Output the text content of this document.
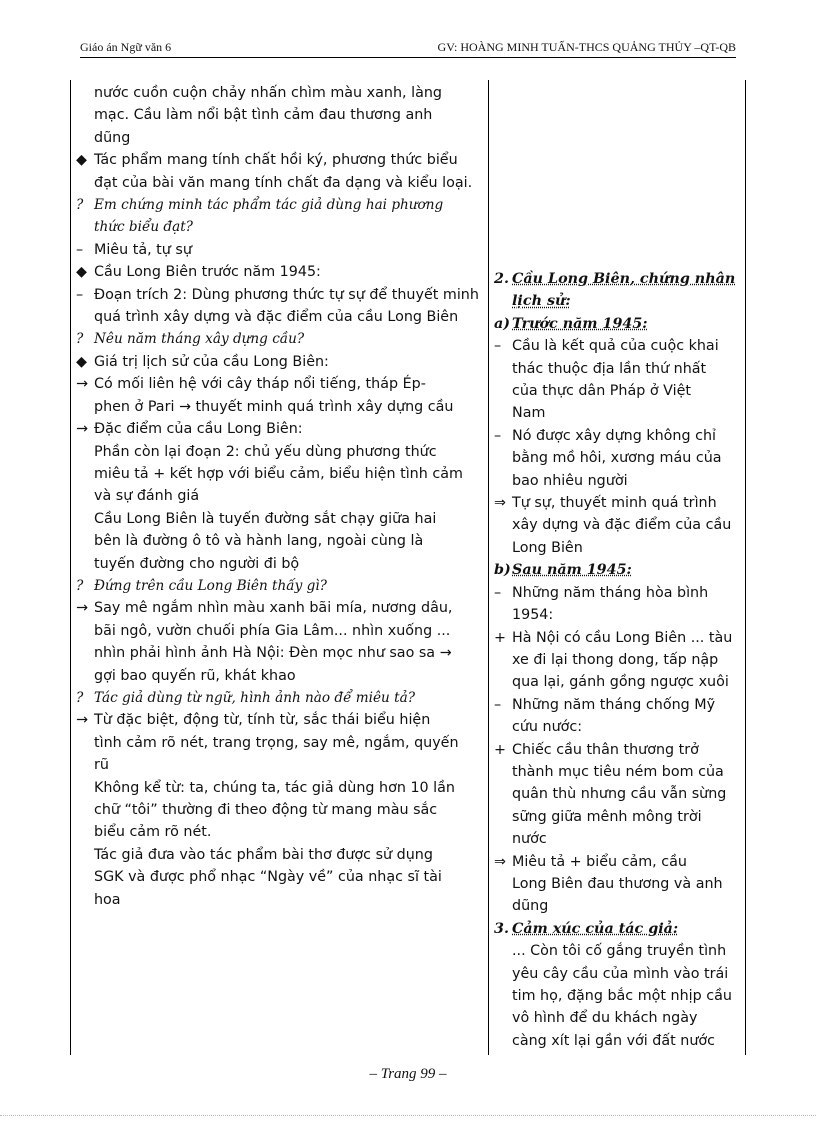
Giáo án Ngữ văn 6	GV: HOÀNG MINH TUẤN-THCS QUẢNG THỦY –QT-QB
nước cuồn cuộn chảy nhấn chìm màu xanh, làng
mạc. Cầu làm nổi bật tình cảm đau thương anh
dũng
◆ Tác phẩm mang tính chất hồi ký, phương thức biểu
đạt của bài văn mang tính chất đa dạng và kiểu loại.
? Em chứng minh tác phẩm tác giả dùng hai phương
thức biểu đạt?
– Miêu tả, tự sự
◆ Cầu Long Biên trước năm 1945:
– Đoạn trích 2: Dùng phương thức tự sự để thuyết minh
quá trình xây dựng và đặc điểm của cầu Long Biên
? Nêu năm tháng xây dựng cầu?
◆ Giá trị lịch sử của cầu Long Biên:
→ Có mối liên hệ với cây tháp nổi tiếng, tháp Ép-
phen ở Pari → thuyết minh quá trình xây dựng cầu
→ Đặc điểm của cầu Long Biên:
Phần còn lại đoạn 2: chủ yếu dùng phương thức
miêu tả + kết hợp với biểu cảm, biểu hiện tình cảm
và sự đánh giá
Cầu Long Biên là tuyến đường sắt chạy giữa hai
bên là đường ô tô và hành lang, ngoài cùng là
tuyến đường cho người đi bộ
? Đứng trên cầu Long Biên thấy gì?
→ Say mê ngắm nhìn màu xanh bãi mía, nương dâu,
bãi ngô, vườn chuối phía Gia Lâm... nhìn xuống ...
nhìn phải hình ảnh Hà Nội: Đèn mọc như sao sa →
gợi bao quyến rũ, khát khao
? Tác giả dùng từ ngữ, hình ảnh nào để miêu tả?
→ Từ đặc biệt, động từ, tính từ, sắc thái biểu hiện
tình cảm rõ nét, trang trọng, say mê, ngắm, quyến
rũ
Không kể từ: ta, chúng ta, tác giả dùng hơn 10 lần
chữ “tôi” thường đi theo động từ mang màu sắc
biểu cảm rõ nét.
Tác giả đưa vào tác phẩm bài thơ được sử dụng
SGK và được phổ nhạc “Ngày về” của nhạc sĩ tài
hoa
2. Cầu Long Biên, chứng nhân
lịch sử:
a) Trước năm 1945:
– Cầu là kết quả của cuộc khai
thác thuộc địa lần thứ nhất
của thực dân Pháp ở Việt
Nam
– Nó được xây dựng không chỉ
bằng mồ hôi, xương máu của
bao nhiêu người
⇒ Tự sự, thuyết minh quá trình
xây dựng và đặc điểm của cầu
Long Biên
b) Sau năm 1945:
– Những năm tháng hòa bình
1954:
+ Hà Nội có cầu Long Biên ... tàu
xe đi lại thong dong, tấp nập
qua lại, gánh gồng ngược xuôi
– Những năm tháng chống Mỹ
cứu nước:
+ Chiếc cầu thân thương trở
thành mục tiêu ném bom của
quân thù nhưng cầu vẫn sừng
sững giữa mênh mông trời
nước
⇒ Miêu tả + biểu cảm, cầu
Long Biên đau thương và anh
dũng
3. Cảm xúc của tác giả:
... Còn tôi cố gắng truyền tình
yêu cây cầu của mình vào trái
tim họ, đặng bắc một nhịp cầu
vô hình để du khách ngày
càng xít lại gần với đất nước
– Trang 99 –
